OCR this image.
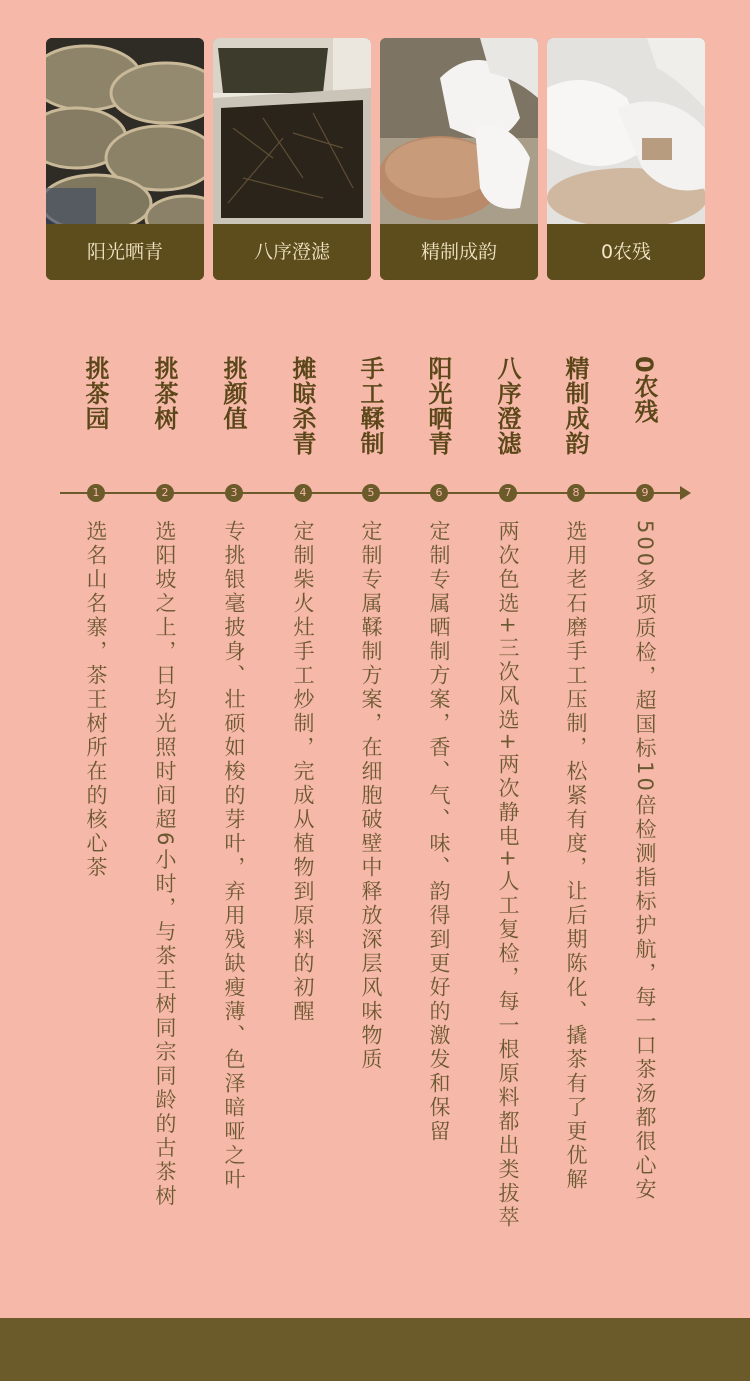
阳光晒青	八序澄滤	精制成韵	0农残
挑茶园 挑茶树 挑颜值 摊晾杀青 手工鞣制 阳光晒青 八序澄滤 精制成韵 0农残
1	2	3	4	5	6	7	8	9
选名山名寨，茶王树所在的核心茶 选阳坡之上，日均光照时间超6小时，与茶王树同宗同龄的古茶树 专挑银毫披身、壮硕如梭的芽叶，弃用残缺瘦薄、色泽暗哑之叶 定制柴火灶手工炒制，完成从植物到原料的初醒 定制专属鞣制方案，在细胞破壁中释放深层风味物质 定制专属晒制方案，香、气、味、韵得到更好的激发和保留 两次色选+三次风选+两次静电+人工复检，每一根原料都出类拔萃 选用老石磨手工压制，松紧有度，让后期陈化、撬茶有了更优解 500多项质检，超国标10倍检测指标护航，每一口茶汤都很心安
